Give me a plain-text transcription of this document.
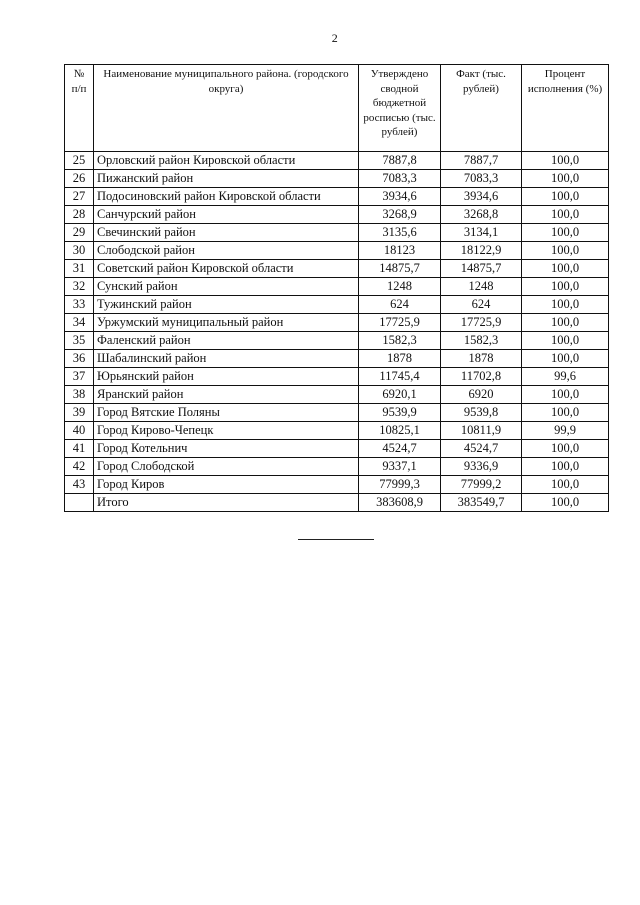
2
№ п/п	Наименование муниципального района. (городского округа)	Утверждено сводной бюджетной росписью (тыс. рублей)	Факт (тыс. рублей)	Процент исполнения (%)
25	Орловский район Кировской области	7887,8	7887,7	100,0
26	Пижанский район	7083,3	7083,3	100,0
27	Подосиновский район Кировской области	3934,6	3934,6	100,0
28	Санчурский район	3268,9	3268,8	100,0
29	Свечинский район	3135,6	3134,1	100,0
30	Слободской район	18123	18122,9	100,0
31	Советский район Кировской области	14875,7	14875,7	100,0
32	Сунский район	1248	1248	100,0
33	Тужинский район	624	624	100,0
34	Уржумский муниципальный район	17725,9	17725,9	100,0
35	Фаленский район	1582,3	1582,3	100,0
36	Шабалинский район	1878	1878	100,0
37	Юрьянский район	11745,4	11702,8	99,6
38	Яранский район	6920,1	6920	100,0
39	Город Вятские Поляны	9539,9	9539,8	100,0
40	Город Кирово-Чепецк	10825,1	10811,9	99,9
41	Город Котельнич	4524,7	4524,7	100,0
42	Город Слободской	9337,1	9336,9	100,0
43	Город Киров	77999,3	77999,2	100,0
	Итого	383608,9	383549,7	100,0
